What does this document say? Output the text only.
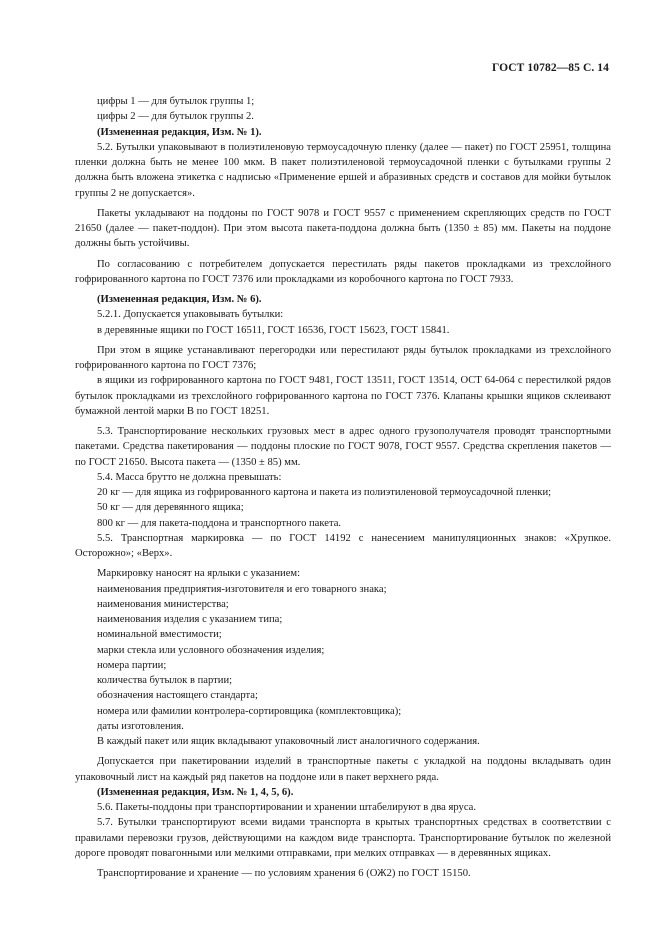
ГОСТ 10782—85 С. 14

цифры 1 — для бутылок группы 1;

цифры 2 — для бутылок группы 2.

(Измененная редакция, Изм. № 1).

5.2. Бутылки упаковывают в полиэтиленовую термоусадочную пленку (далее — пакет) по ГОСТ 25951, толщина пленки должна быть не менее 100 мкм. В пакет полиэтиленовой термоусадочной пленки с бутылками группы 2 должна быть вложена этикетка с надписью «Применение ершей и абразивных средств и составов для мойки бутылок группы 2 не допускается».

Пакеты укладывают на поддоны по ГОСТ 9078 и ГОСТ 9557 с применением скрепляющих средств по ГОСТ 21650 (далее — пакет-поддон). При этом высота пакета-поддона должна быть (1350 ± 85) мм. Пакеты на поддоне должны быть устойчивы.

По согласованию с потребителем допускается перестилать ряды пакетов прокладками из трехслойного гофрированного картона по ГОСТ 7376 или прокладками из коробочного картона по ГОСТ 7933.

(Измененная редакция, Изм. № 6).

5.2.1. Допускается упаковывать бутылки:

в деревянные ящики по ГОСТ 16511, ГОСТ 16536, ГОСТ 15623, ГОСТ 15841.

При этом в ящике устанавливают перегородки или перестилают ряды бутылок прокладками из трехслойного гофрированного картона по ГОСТ 7376;

в ящики из гофрированного картона по ГОСТ 9481, ГОСТ 13511, ГОСТ 13514, ОСТ 64-064 с перестилкой рядов бутылок прокладками из трехслойного гофрированного картона по ГОСТ 7376. Клапаны крышки ящиков склеивают бумажной лентой марки В по ГОСТ 18251.

5.3. Транспортирование нескольких грузовых мест в адрес одного грузополучателя проводят транспортными пакетами. Средства пакетирования — поддоны плоские по ГОСТ 9078, ГОСТ 9557. Средства скрепления пакетов — по ГОСТ 21650. Высота пакета — (1350 ± 85) мм.

5.4. Масса брутто не должна превышать:

20 кг — для ящика из гофрированного картона и пакета из полиэтиленовой термоусадочной пленки;

50 кг — для деревянного ящика;

800 кг — для пакета-поддона и транспортного пакета.

5.5. Транспортная маркировка — по ГОСТ 14192 с нанесением манипуляционных знаков: «Хрупкое. Осторожно»; «Верх».

Маркировку наносят на ярлыки с указанием:

наименования предприятия-изготовителя и его товарного знака;

наименования министерства;

наименования изделия с указанием типа;

номинальной вместимости;

марки стекла или условного обозначения изделия;

номера партии;

количества бутылок в партии;

обозначения настоящего стандарта;

номера или фамилии контролера-сортировщика (комплектовщика);

даты изготовления.

В каждый пакет или ящик вкладывают упаковочный лист аналогичного содержания.

Допускается при пакетировании изделий в транспортные пакеты с укладкой на поддоны вкладывать один упаковочный лист на каждый ряд пакетов на поддоне или в пакет верхнего ряда.

(Измененная редакция, Изм. № 1, 4, 5, 6).

5.6. Пакеты-поддоны при транспортировании и хранении штабелируют в два яруса.

5.7. Бутылки транспортируют всеми видами транспорта в крытых транспортных средствах в соответствии с правилами перевозки грузов, действующими на каждом виде транспорта. Транспортирование бутылок по железной дороге проводят повагонными или мелкими отправками, при мелких отправках — в деревянных ящиках.

Транспортирование и хранение — по условиям хранения 6 (ОЖ2) по ГОСТ 15150.
